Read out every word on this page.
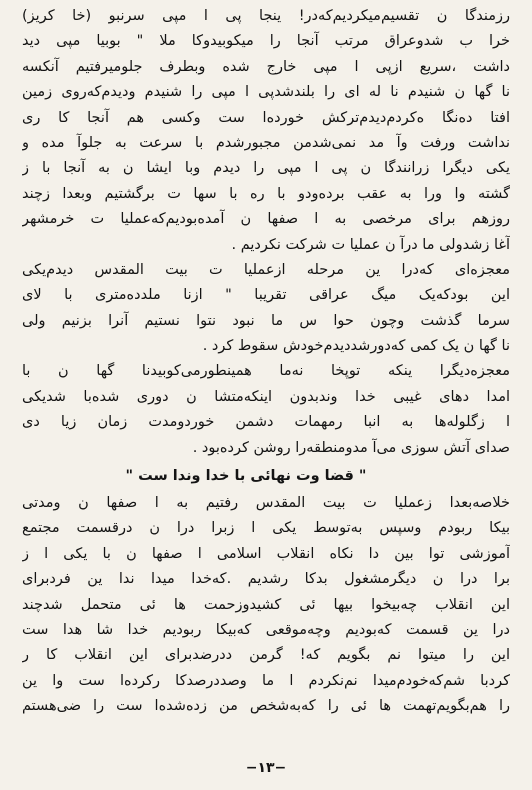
رزمندگا ن تقسیم‌میکردیم‌که‌در! ینجا پی ا مپی سرنبو (خا کریز)
خرا ب شدوعراق مرتب آنجا را میکوبیدوکا ملا " بوبیا مپی دید
داشت ،سریع ازپی ا مپی خارج شده وبطرف جلومیرفتیم آنکسه
نا گها ن شنیدم نا له ای را بلندشدپی ا مپی را شنیدم ودیدم‌که‌روی زمین
افتا ده‌نگا ه‌کردم‌دیدم‌ترکش خورده‌ا ست وکسی هم آنجا کا ری
نداشت ورفت وآ مد نمی‌شدمن مجبورشدم با سرعت به جلوآ مده و
یکی دیگرا زرانندگا ن پی ا مپی را دیدم وبا ایشا ن به آنجا با ز
گشته وا ورا به عقب برده‌ودو با ره با سها ت برگشتیم وبعدا زچند
روزهم برای مرخصی به ا صفها ن آمده‌بودیم‌که‌عملیا ت خرمشهر
آغا زشدولی ما درآ ن عملیا ت شرکت نکردیم .
معجزه‌ای که‌درا ین مرحله ازعملیا ت بیت المقدس دیدم‌یکی
این بودکه‌یک میگ عراقی تقریبا " ازنا ملدده‌متری با لای
سرما گذشت وچون حوا س ما نبود نتوا نستیم آنرا بزنیم ولی
نا گها ن یک کمی که‌دورشددیدم‌خودش سقوط کرد .
معجزه‌دیگرا ینکه توپخا نه‌ما همینطورمی‌کوبیدنا گها ن با
امدا دهای غیبی خدا وندبدون اینکه‌متشا ن دوری شده‌با شدیکی
ا زگلوله‌ها به انبا رمهمات دشمن خوردومدت زمان زیا دی
صدای آتش سوزی می‌آ مدومنطقه‌را روشن کرده‌بود .
" قضا وت نهائی با خدا وندا ست "
خلاصه‌بعدا زعملیا ت بیت المقدس رفتیم به ا صفها ن ومدتی
بیکا ربودم وسپس به‌توسط یکی ا زبرا درا ن درقسمت مجتمع
آموزشی توا بین دا نکاه انقلاب اسلامی ا صفها ن با یکی ا ز
برا درا ن دیگرمشغول بدکا رشدیم .که‌خدا میدا ندا ین فردبرای
این انقلاب چه‌بیخوا بیها ئی کشیدوزحمت ها ئی متحمل شدچند
درا ین قسمت که‌بودیم وچه‌موقعی که‌بیکا ربودیم خدا شا هدا ست
این را میتوا نم بگویم که! گرمن ددرضدبرای این انقلاب کا ر
کردبا شم‌که‌خودم‌میدا نم‌نکردم ا ما وصددرصدکا رکرده‌ا ست وا ین
را هم‌بگویم‌تهمت ها ئی را که‌به‌شخص من زده‌شده‌ا ست را ضی‌هستم
−١٣−
